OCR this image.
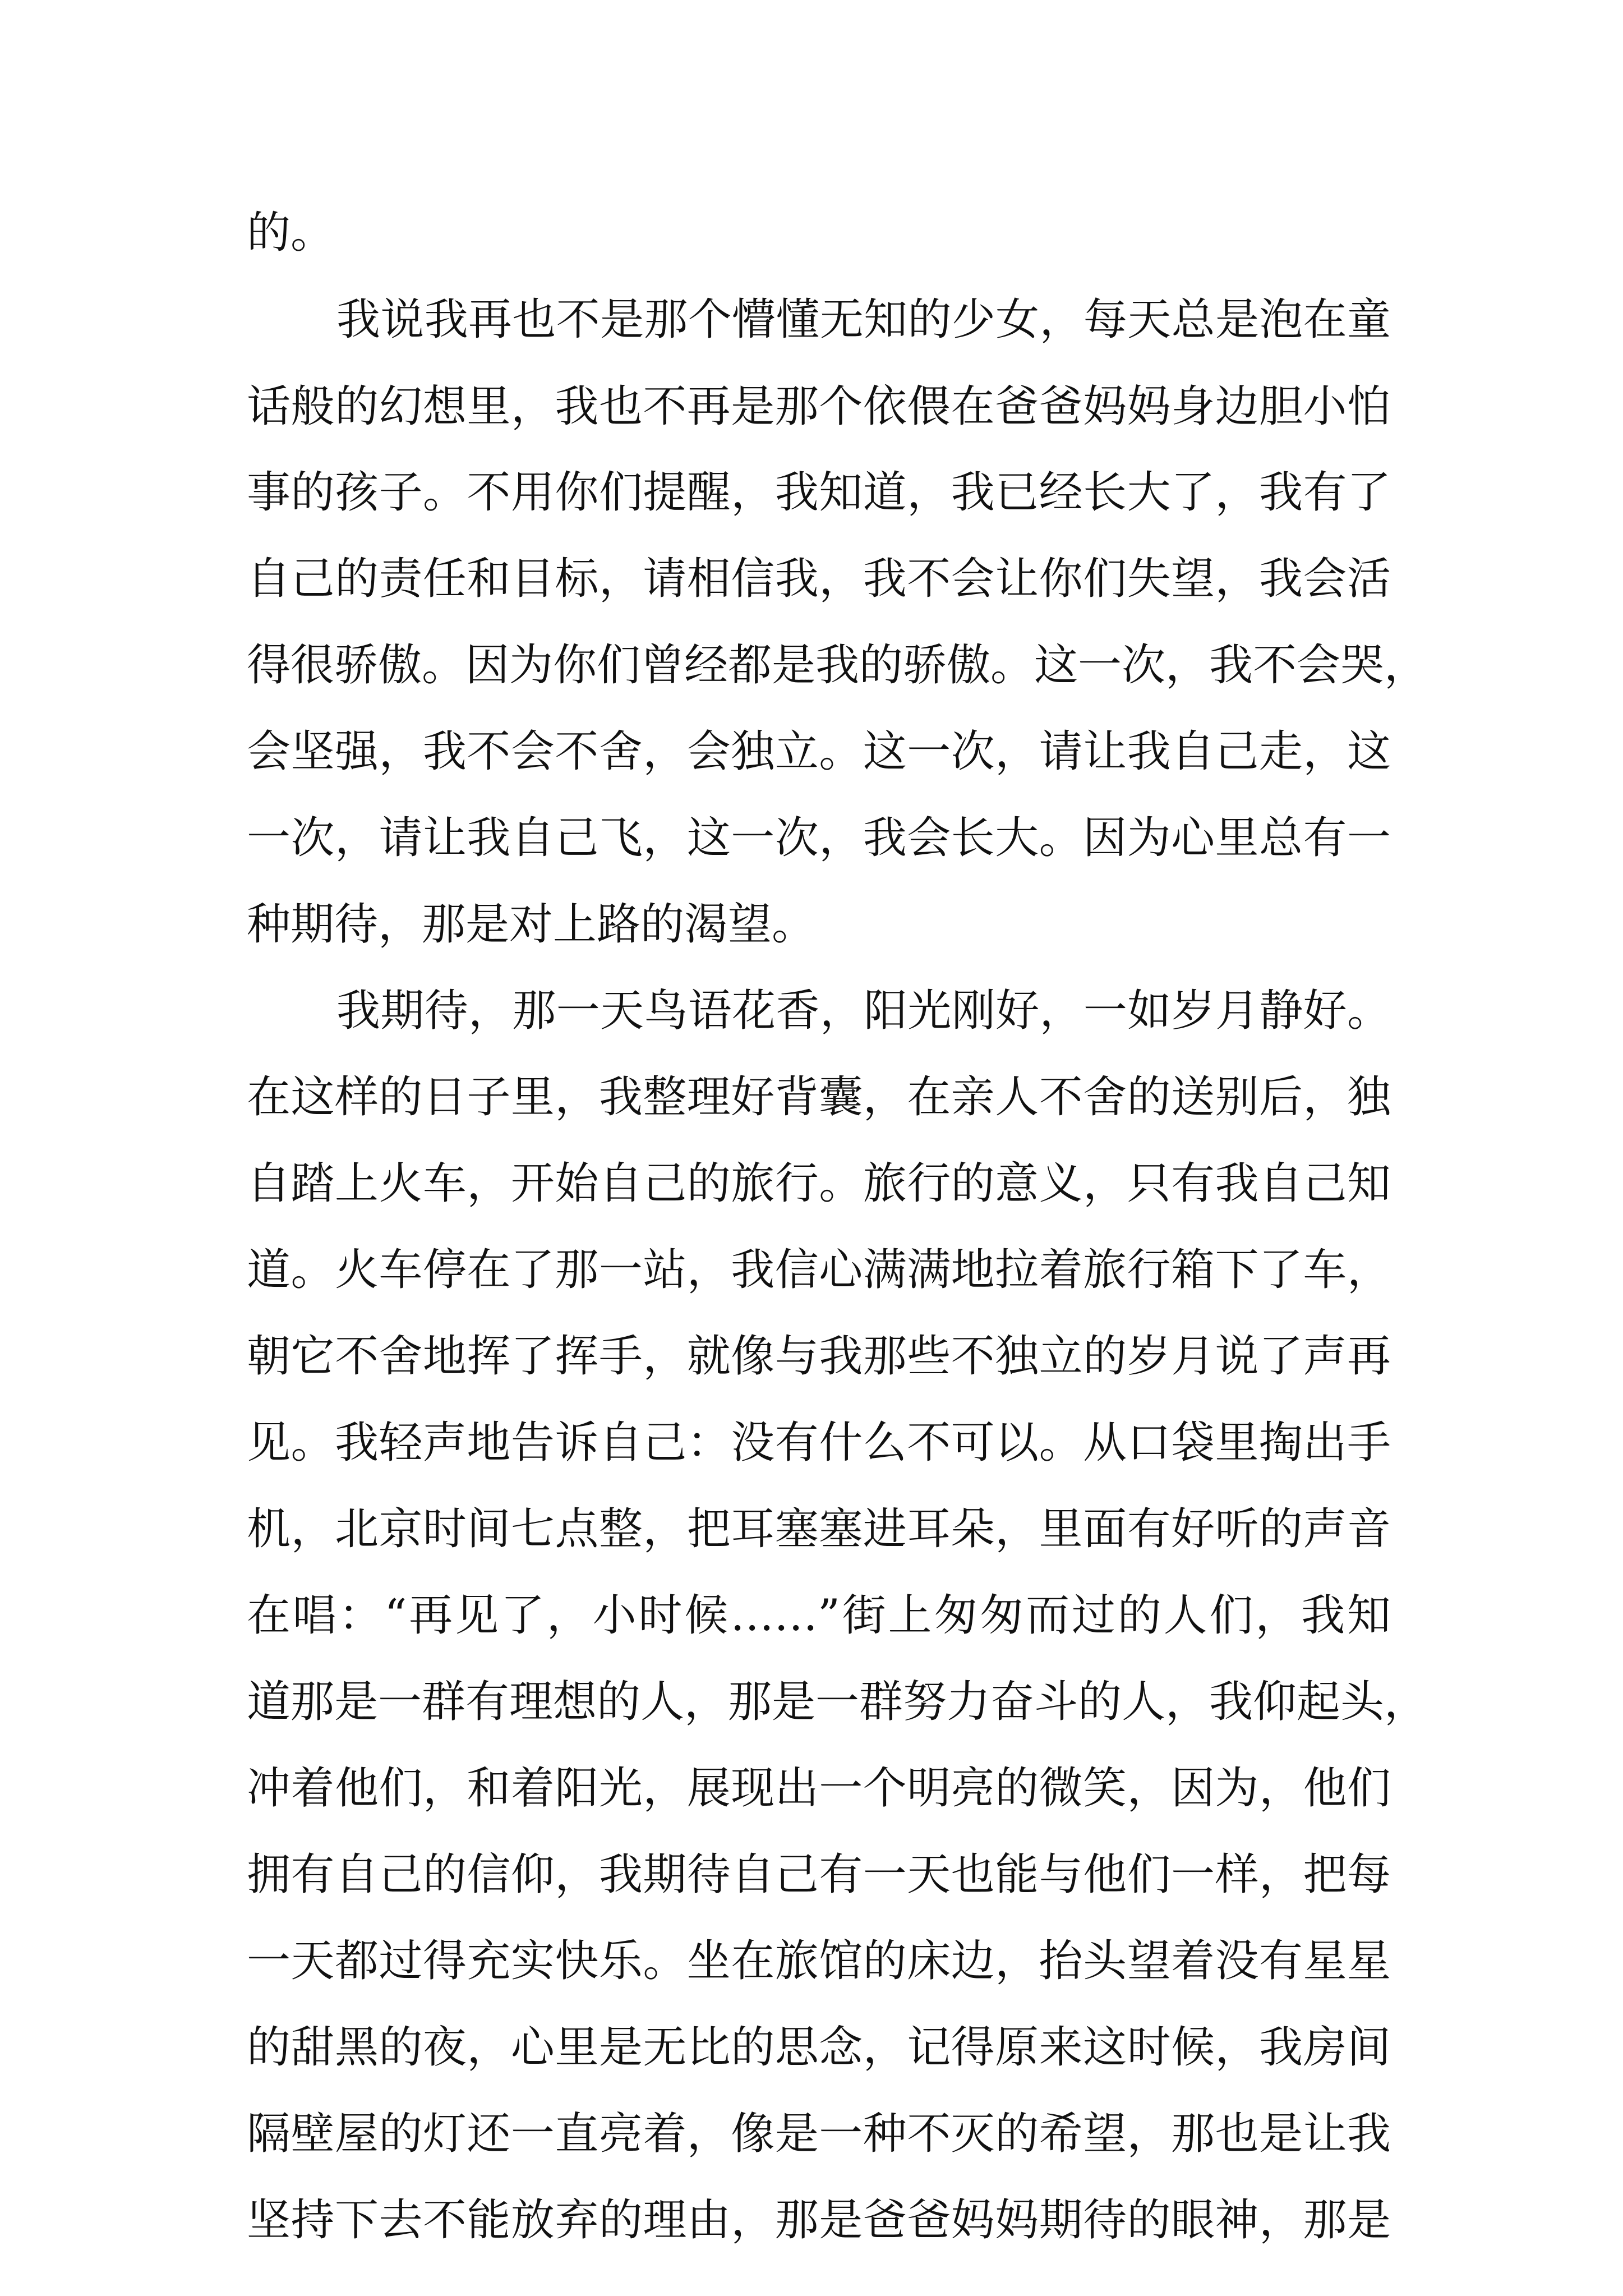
的。

我说我再也不是那个懵懂无知的少女，每天总是泡在童

话般的幻想里，我也不再是那个依偎在爸爸妈妈身边胆小怕

事的孩子。不用你们提醒，我知道，我已经长大了，我有了

自己的责任和目标，请相信我，我不会让你们失望，我会活

得很骄傲。因为你们曾经都是我的骄傲。这一次，我不会哭，

会坚强，我不会不舍，会独立。这一次，请让我自己走，这

一次，请让我自己飞，这一次，我会长大。因为心里总有一

种期待，那是对上路的渴望。

我期待，那一天鸟语花香，阳光刚好，一如岁月静好。

在这样的日子里，我整理好背囊，在亲人不舍的送别后，独

自踏上火车，开始自己的旅行。旅行的意义，只有我自己知

道。火车停在了那一站，我信心满满地拉着旅行箱下了车，

朝它不舍地挥了挥手，就像与我那些不独立的岁月说了声再

见。我轻声地告诉自己：没有什么不可以。从口袋里掏出手

机，北京时间七点整，把耳塞塞进耳朵，里面有好听的声音

在唱：“再见了，小时候……”街上匆匆而过的人们，我知

道那是一群有理想的人，那是一群努力奋斗的人，我仰起头，

冲着他们，和着阳光，展现出一个明亮的微笑，因为，他们

拥有自己的信仰，我期待自己有一天也能与他们一样，把每

一天都过得充实快乐。坐在旅馆的床边，抬头望着没有星星

的甜黑的夜，心里是无比的思念，记得原来这时候，我房间

隔壁屋的灯还一直亮着，像是一种不灭的希望，那也是让我

坚持下去不能放弃的理由，那是爸爸妈妈期待的眼神，那是
